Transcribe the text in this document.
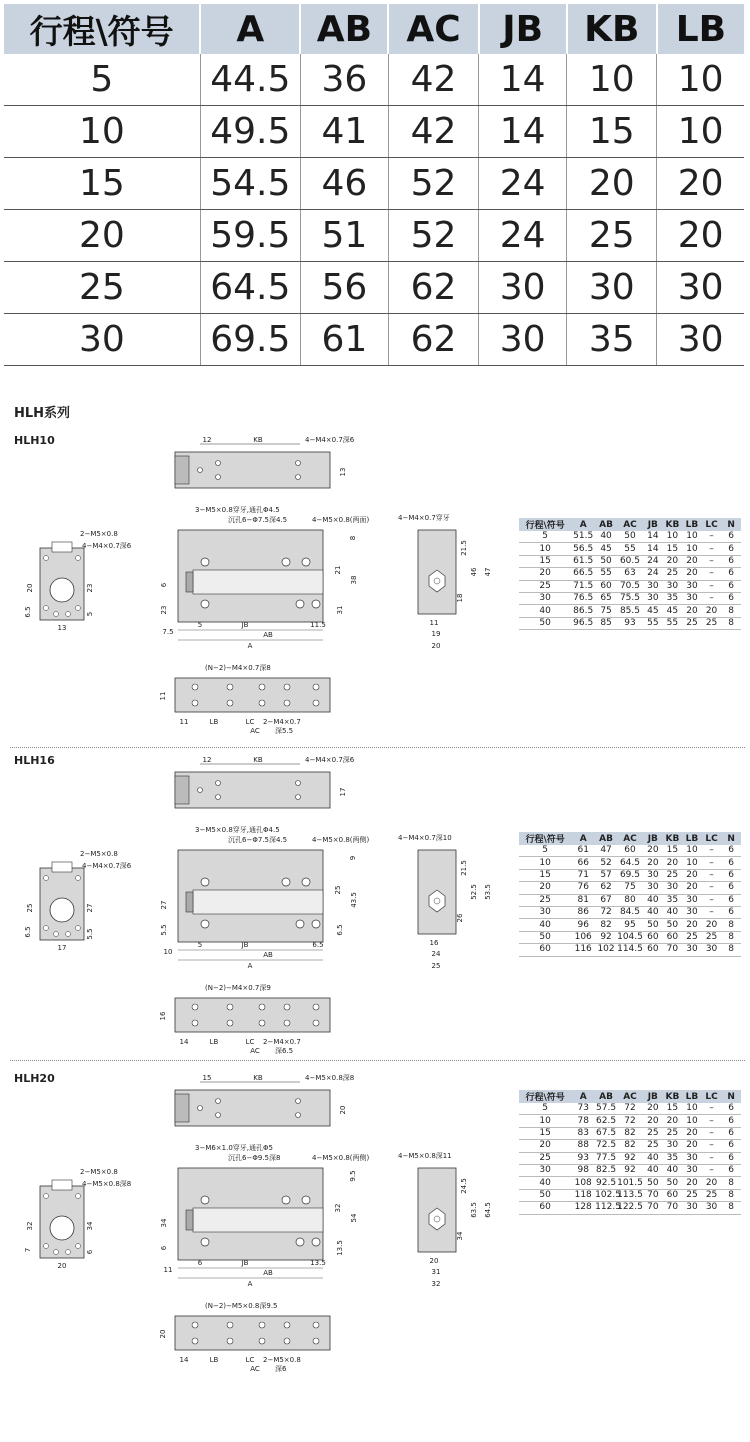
行程\符号	A	AB	AC	JB	KB	LB
5	44.5	36	42	14	10	10
10	49.5	41	42	14	15	10
15	54.5	46	52	24	20	20
20	59.5	51	52	24	25	20
25	64.5	56	62	30	30	30
30	69.5	61	62	30	35	30
HLH系列
HLH10	12	KB	4−M4×0.7深6
13
3−M5×0.8穿牙,通孔Φ4.5
沉孔6−Φ7.5深4.5	4−M5×0.8(两面)
8
21
38
31
6
23
7.5
5	JB	11.5
AB
A
2−M5×0.8
4−M4×0.7深6
20	23
6.5	5
13
4−M4×0.7穿牙
21.5
46 47
18
11
19
20
(N−2)−M4×0.7深8
11
11	LB	LC 2−M4×0.7
深5.5
AC
行程\符号	A	AB	AC	JB	KB	LB	LC	N
5	51.5	40	50	14	10	10	–	6
10	56.5	45	55	14	15	10	–	6
15	61.5	50	60.5	24	20	20	–	6
20	66.5	55	63	24	25	20	–	6
25	71.5	60	70.5	30	30	30	–	6
30	76.5	65	75.5	30	35	30	–	6
40	86.5	75	85.5	45	45	20	20	8
50	96.5	85	93	55	55	25	25	8
HLH16	12	KB	4−M4×0.7深6
17
3−M5×0.8穿牙,通孔Φ4.5
沉孔6−Φ7.5深4.5	4−M5×0.8(两侧)
9
25
43.5
6.5
27
5.5
10
5	JB	6.5
AB
A
2−M5×0.8
4−M4×0.7深6
25	27
6.5	5.5
17
4−M4×0.7深10
21.5
52.5 53.5
26
16
24
25
(N−2)−M4×0.7深9
16
14	LB	LC 2−M4×0.7
深6.5
AC
行程\符号	A	AB	AC	JB	KB	LB	LC	N
5	61	47	60	20	15	10	–	6
10	66	52	64.5	20	20	10	–	6
15	71	57	69.5	30	25	20	–	6
20	76	62	75	30	30	20	–	6
25	81	67	80	40	35	30	–	6
30	86	72	84.5	40	40	30	–	6
40	96	82	95	50	50	20	20	8
50	106	92	104.5	60	60	25	25	8
60	116	102	114.5	60	70	30	30	8
HLH20	15	KB	4−M5×0.8深8
20
3−M6×1.0穿牙,通孔Φ5
沉孔6−Φ9.5深8	4−M5×0.8(两侧)
9.5
32
54
13.5
34
6
11
6	JB	13.5
AB
A
2−M5×0.8
4−M5×0.8深8
32	34
7	6
20
4−M5×0.8深11
24.5
63.5 64.5
34
20
31
32
(N−2)−M5×0.8深9.5
20
14	LB	LC 2−M5×0.8
深6
AC
行程\符号	A	AB	AC	JB	KB	LB	LC	N
5	73	57.5	72	20	15	10	–	6
10	78	62.5	72	20	20	10	–	6
15	83	67.5	82	25	25	20	–	6
20	88	72.5	82	25	30	20	–	6
25	93	77.5	92	40	35	30	–	6
30	98	82.5	92	40	40	30	–	6
40	108	92.5	101.5	50	50	20	20	8
50	118	102.5	113.5	70	60	25	25	8
60	128	112.5	122.5	70	70	30	30	8
